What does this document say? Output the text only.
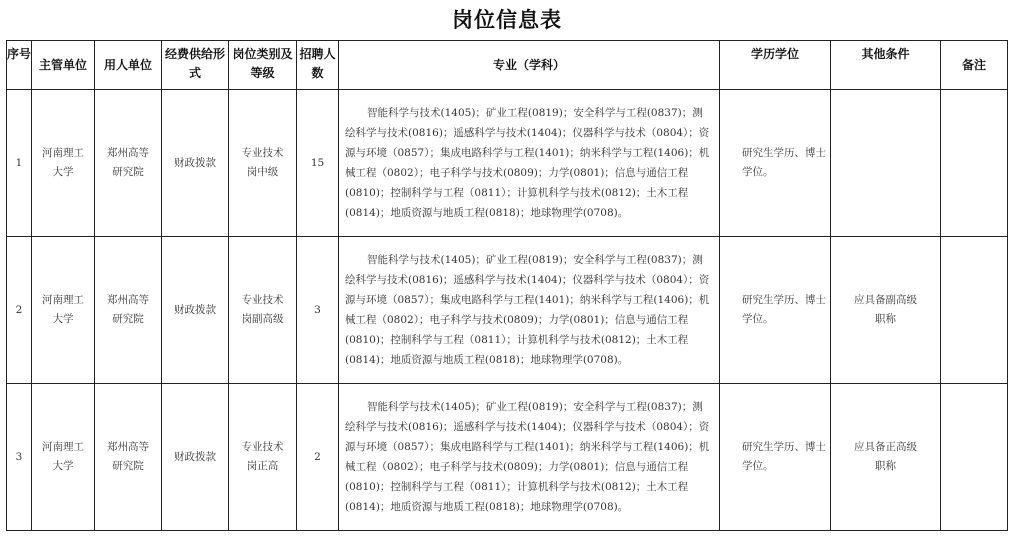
岗位信息表
序号	主管单位	用人单位	经费供给形式	岗位类别及等级	招聘人数	专业（学科）	学历学位	其他条件	备注
1	河南理工大学	郑州高等研究院	财政拨款	专业技术岗中级	15	智能科学与技术(1405)；矿业工程(0819)；安全科学与工程(0837)；测绘科学与技术(0816)；遥感科学与技术(1404)；仪器科学与技术（0804）；资源与环境（0857）；集成电路科学与工程(1401)；纳米科学与工程(1406)；机械工程（0802）；电子科学与技术(0809)；力学(0801)；信息与通信工程(0810)；控制科学与工程（0811）；计算机科学与技术(0812)；土木工程(0814)；地质资源与地质工程(0818)；地球物理学(0708)。	研究生学历、博士学位。		
2	河南理工大学	郑州高等研究院	财政拨款	专业技术岗副高级	3	智能科学与技术(1405)；矿业工程(0819)；安全科学与工程(0837)；测绘科学与技术(0816)；遥感科学与技术(1404)；仪器科学与技术（0804）；资源与环境（0857）；集成电路科学与工程(1401)；纳米科学与工程(1406)；机械工程（0802）；电子科学与技术(0809)；力学(0801)；信息与通信工程(0810)；控制科学与工程（0811）；计算机科学与技术(0812)；土木工程(0814)；地质资源与地质工程(0818)；地球物理学(0708)。	研究生学历、博士学位。	应具备副高级职称	
3	河南理工大学	郑州高等研究院	财政拨款	专业技术岗正高	2	智能科学与技术(1405)；矿业工程(0819)；安全科学与工程(0837)；测绘科学与技术(0816)；遥感科学与技术(1404)；仪器科学与技术（0804）；资源与环境（0857）；集成电路科学与工程(1401)；纳米科学与工程(1406)；机械工程（0802）；电子科学与技术(0809)；力学(0801)；信息与通信工程(0810)；控制科学与工程（0811）；计算机科学与技术(0812)；土木工程(0814)；地质资源与地质工程(0818)；地球物理学(0708)。	研究生学历、博士学位。	应具备正高级职称	
